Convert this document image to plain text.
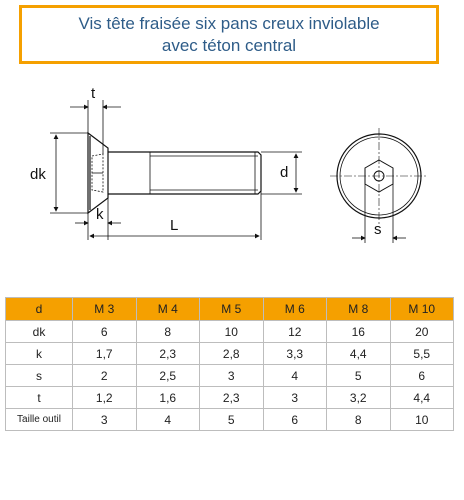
Vis tête fraisée six pans creux inviolable
avec téton central
t
dk
k
L
d
s
d	M 3	M 4	M 5	M 6	M 8	M 10
dk	6	8	10	12	16	20
k	1,7	2,3	2,8	3,3	4,4	5,5
s	2	2,5	3	4	5	6
t	1,2	1,6	2,3	3	3,2	4,4
Taille outil	3	4	5	6	8	10
